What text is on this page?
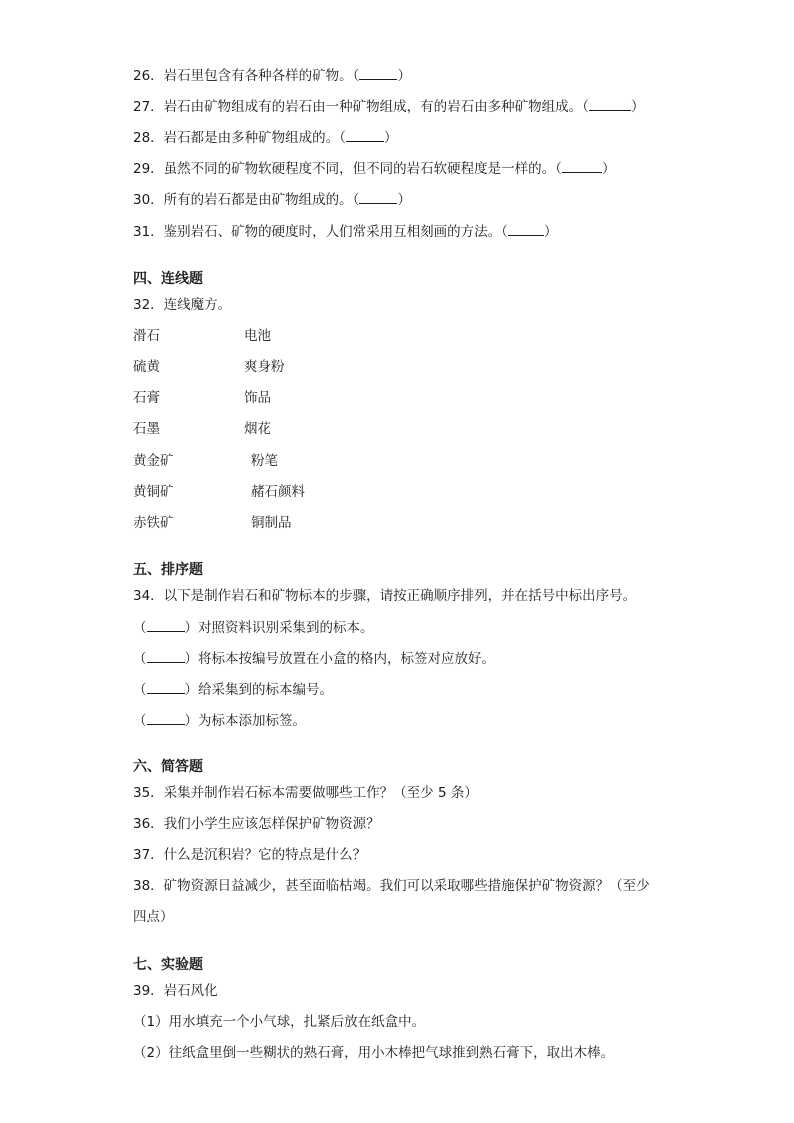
26．岩石里包含有各种各样的矿物。（	）
27．岩石由矿物组成有的岩石由一种矿物组成，有的岩石由多种矿物组成。（	）
28．岩石都是由多种矿物组成的。（	）
29．虽然不同的矿物软硬程度不同，但不同的岩石软硬程度是一样的。（	）
30．所有的岩石都是由矿物组成的。（	）
31．鉴别岩石、矿物的硬度时，人们常采用互相刻画的方法。（	）
四、连线题
32．连线魔方。
滑石	电池
硫黄	爽身粉
石膏	饰品
石墨	烟花
黄金矿	粉笔
黄铜矿	赭石颜料
赤铁矿	铜制品
五、排序题
34．以下是制作岩石和矿物标本的步骤，请按正确顺序排列，并在括号中标出序号。
（	）对照资料识别采集到的标本。
（	）将标本按编号放置在小盒的格内，标签对应放好。
（	）给采集到的标本编号。
（	）为标本添加标签。
六、简答题
35．采集并制作岩石标本需要做哪些工作？（至少 5 条）
36．我们小学生应该怎样保护矿物资源？
37．什么是沉积岩？它的特点是什么？
38．矿物资源日益减少，甚至面临枯竭。我们可以采取哪些措施保护矿物资源？（至少
四点）
七、实验题
39．岩石风化
（1）用水填充一个小气球，扎紧后放在纸盒中。
（2）往纸盒里倒一些糊状的熟石膏，用小木棒把气球推到熟石膏下，取出木棒。
